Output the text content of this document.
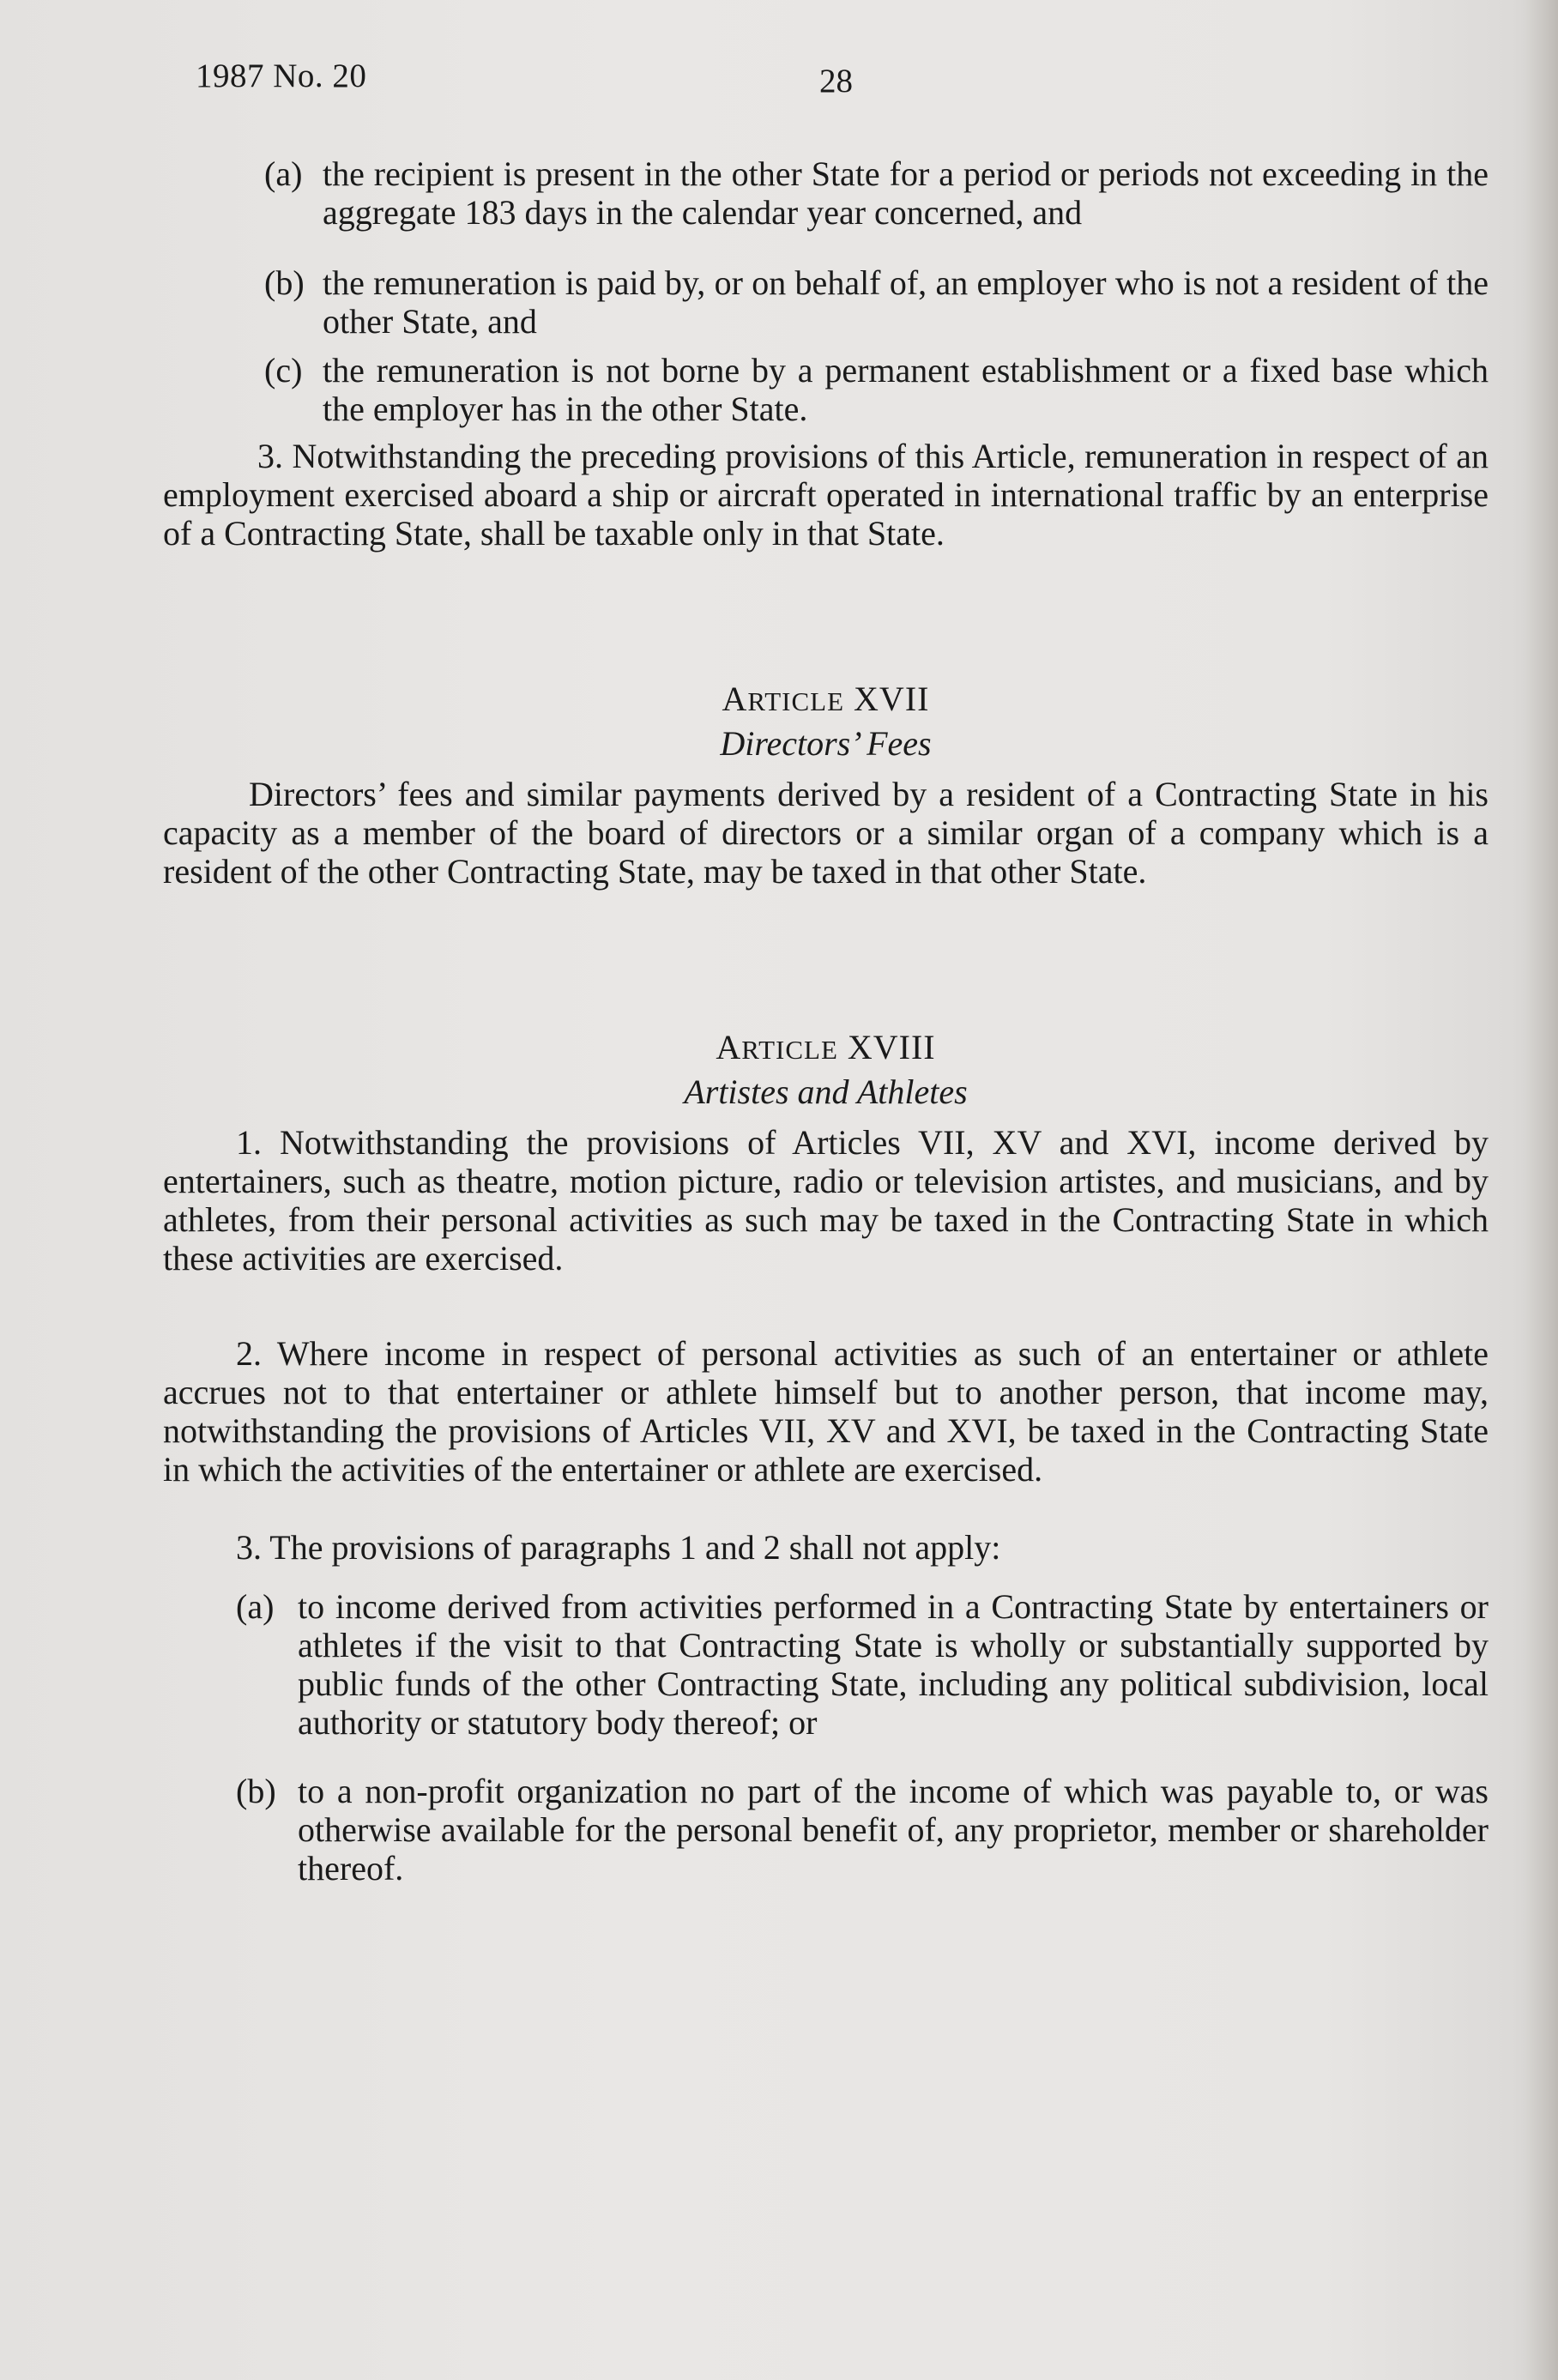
1987 No. 20	28
(a) the recipient is present in the other State for a period or periods not exceeding in the aggregate 183 days in the calendar year concerned, and
(b) the remuneration is paid by, or on behalf of, an employer who is not a resident of the other State, and
(c) the remuneration is not borne by a permanent establishment or a fixed base which the employer has in the other State.

3. Notwithstanding the preceding provisions of this Article, remuneration in respect of an employment exercised aboard a ship or aircraft operated in international traffic by an enterprise of a Contracting State, shall be taxable only in that State.

ARTICLE XVII

Directors’ Fees

Directors’ fees and similar payments derived by a resident of a Contracting State in his capacity as a member of the board of directors or a similar organ of a company which is a resident of the other Contracting State, may be taxed in that other State.

ARTICLE XVIII

Artistes and Athletes

1. Notwithstanding the provisions of Articles VII, XV and XVI, income derived by entertainers, such as theatre, motion picture, radio or television artistes, and musicians, and by athletes, from their personal activities as such may be taxed in the Contracting State in which these activities are exercised.

2. Where income in respect of personal activities as such of an entertainer or athlete accrues not to that entertainer or athlete himself but to another person, that income may, notwithstanding the provisions of Articles VII, XV and XVI, be taxed in the Contracting State in which the activities of the entertainer or athlete are exercised.

3. The provisions of paragraphs 1 and 2 shall not apply:

(a) to income derived from activities performed in a Contracting State by entertainers or athletes if the visit to that Contracting State is wholly or substantially supported by public funds of the other Contracting State, including any political subdivision, local authority or statutory body thereof; or
(b) to a non-profit organization no part of the income of which was payable to, or was otherwise available for the personal benefit of, any proprietor, member or shareholder thereof.
